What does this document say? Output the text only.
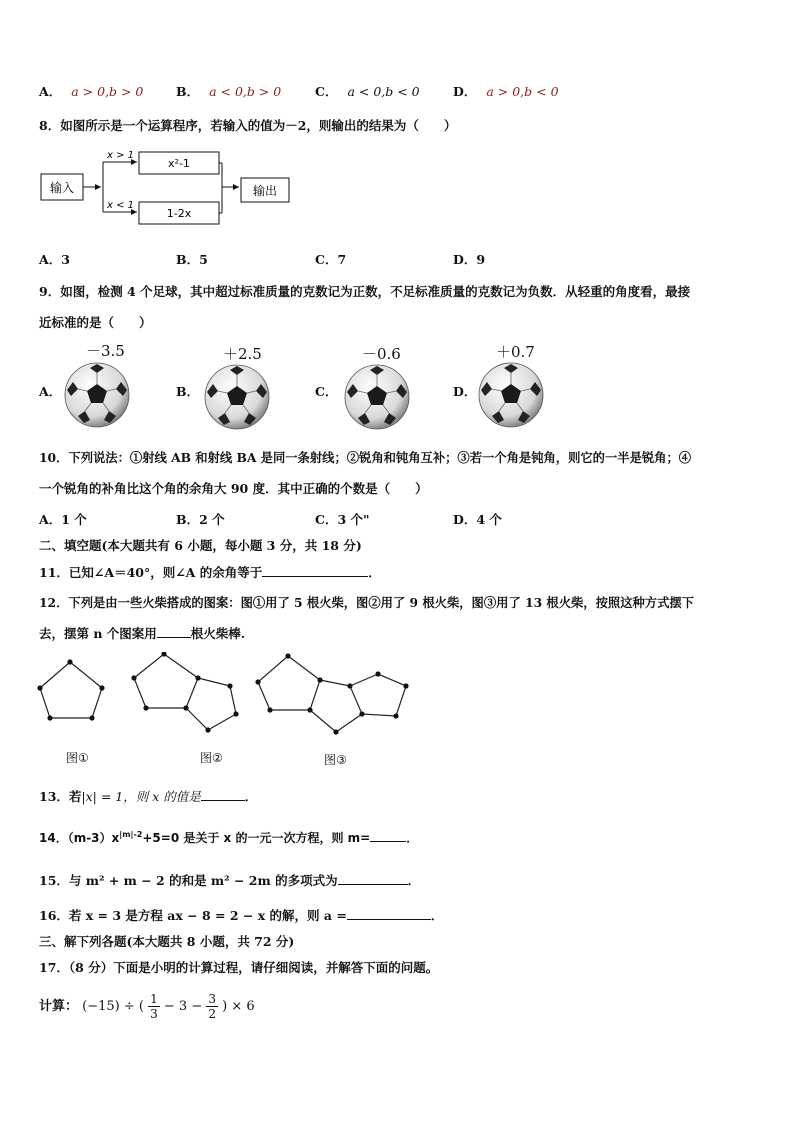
A． a > 0,b > 0	B． a < 0,b > 0	C． a < 0,b < 0	D． a > 0,b < 0
8．如图所示是一个运算程序，若输入的值为－2，则输出的结果为（　　）
输入
x > 1
x < 1
x²-1
1-2x
输出
A．3	B．5	C．7	D．9
9．如图，检测 4 个足球，其中超过标准质量的克数记为正数，不足标准质量的克数记为负数．从轻重的角度看，最接
近标准的是（　　）
－3.5
A．
＋2.5
B．
－0.6
C．
＋0.7
D．
10．下列说法：①射线 AB 和射线 BA 是同一条射线；②锐角和钝角互补；③若一个角是钝角，则它的一半是锐角；④
一个锐角的补角比这个角的余角大 90 度．其中正确的个数是（　　）
A．1 个	B．2 个	C．3 个"	D．4 个
二、填空题(本大题共有 6 小题，每小题 3 分，共 18 分)
11．已知∠A＝40°，则∠A 的余角等于	．
12．下列是由一些火柴搭成的图案：图①用了 5 根火柴，图②用了 9 根火柴，图③用了 13 根火柴，按照这种方式摆下
去，摆第 n 个图案用	根火柴棒.
图①	图②	图③
13．若|x| = 1，则 x 的值是	．
14．$(m-3)x^{|m|-2}+5=0$ 是关于 x 的一元一次方程，则 m=	．
15．与 m² + m − 2 的和是 m² − 2m 的多项式为	．
16．若 x = 3 是方程 ax − 8 = 2 − x 的解，则 a =	．
三、解下列各题(本大题共 8 小题，共 72 分)
17．（8 分）下面是小明的计算过程，请仔细阅读，并解答下面的问题。
计算： (−15) ÷ ( $\frac{1}{3} - 3 - \frac{3}{2}$ ) × 6
